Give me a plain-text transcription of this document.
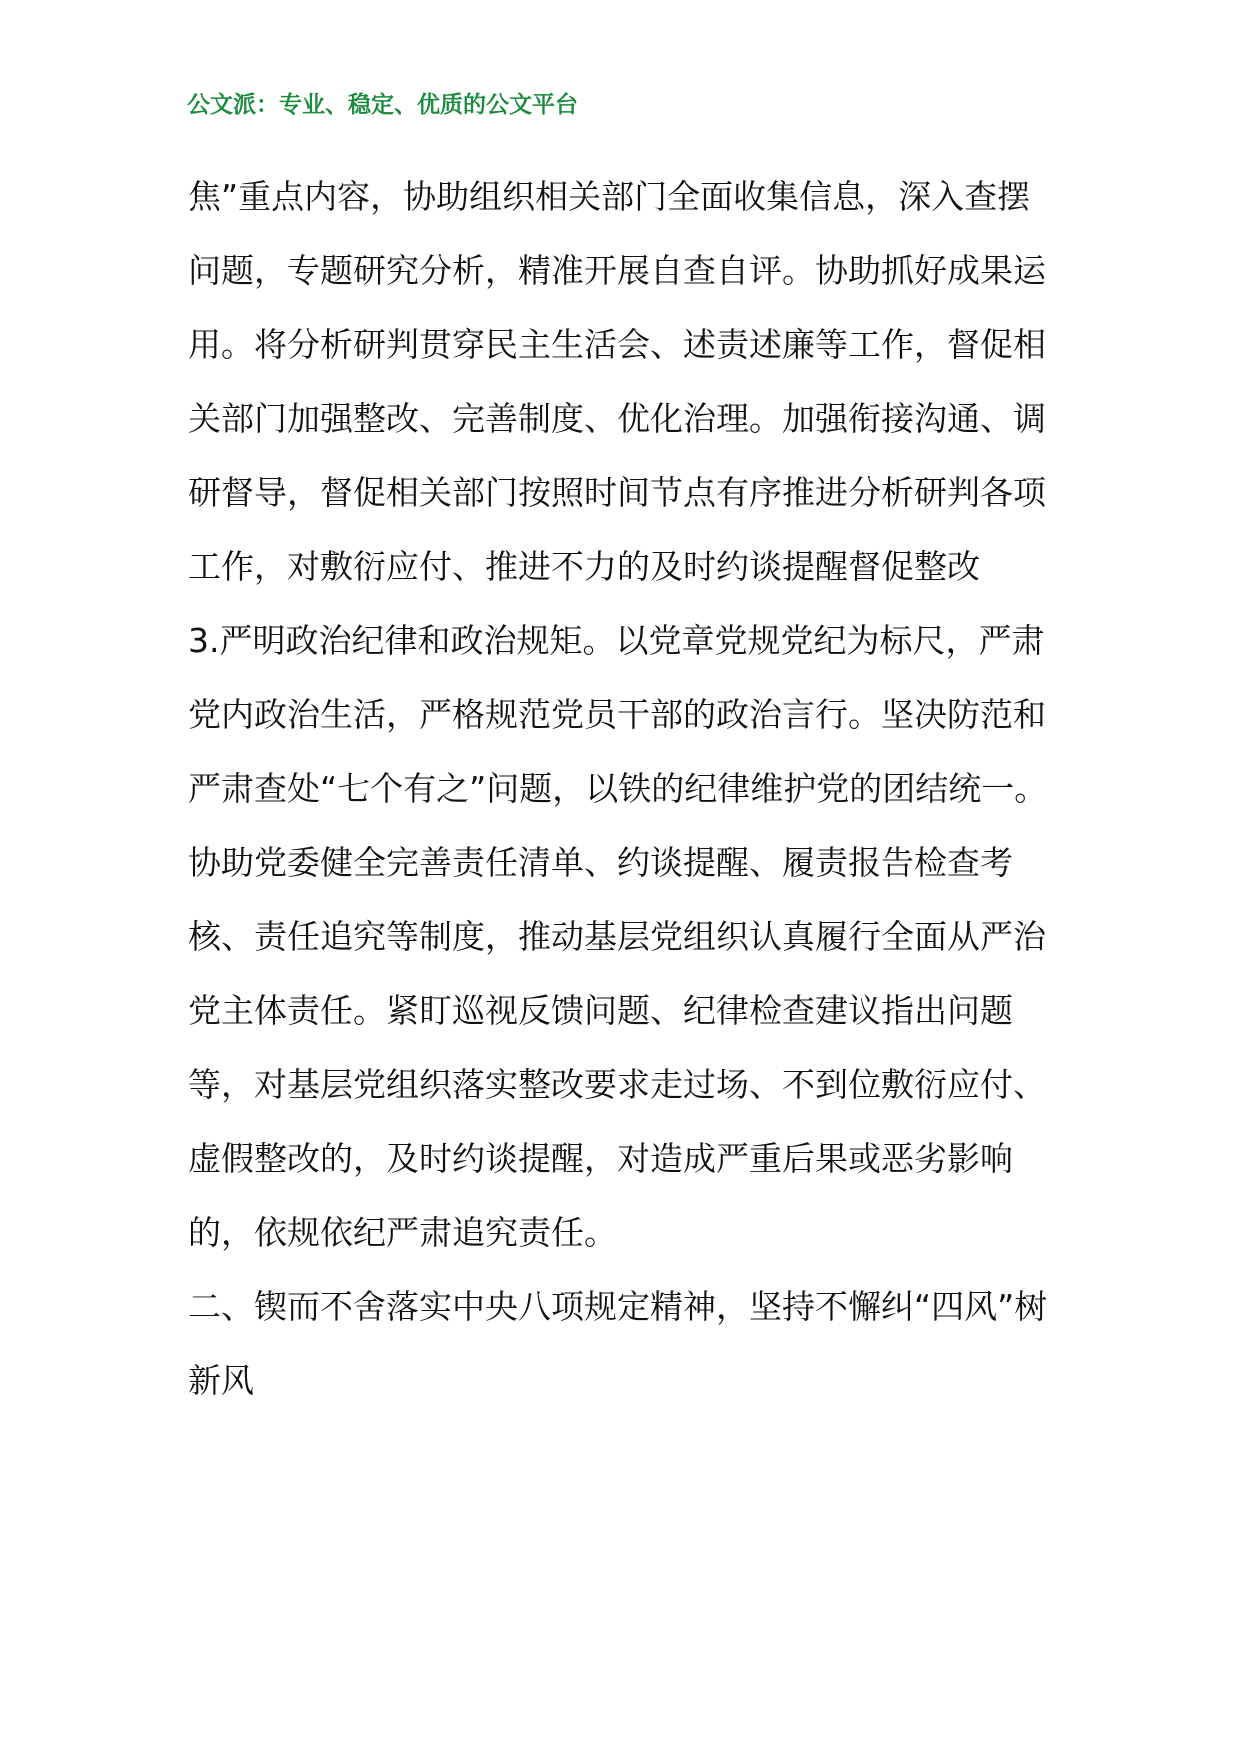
公文派：专业、稳定、优质的公文平台

焦”重点内容，协助组织相关部门全面收集信息，深入查摆问题，专题研究分析，精准开展自查自评。协助抓好成果运用。将分析研判贯穿民主生活会、述责述廉等工作，督促相关部门加强整改、完善制度、优化治理。加强衔接沟通、调研督导，督促相关部门按照时间节点有序推进分析研判各项工作，对敷衍应付、推进不力的及时约谈提醒督促整改

3.严明政治纪律和政治规矩。以党章党规党纪为标尺，严肃党内政治生活，严格规范党员干部的政治言行。坚决防范和严肃查处“七个有之”问题，以铁的纪律维护党的团结统一。协助党委健全完善责任清单、约谈提醒、履责报告检查考核、责任追究等制度，推动基层党组织认真履行全面从严治党主体责任。紧盯巡视反馈问题、纪律检查建议指出问题等，对基层党组织落实整改要求走过场、不到位敷衍应付、虚假整改的，及时约谈提醒，对造成严重后果或恶劣影响的，依规依纪严肃追究责任。

二、锲而不舍落实中央八项规定精神，坚持不懈纠“四风”树新风
